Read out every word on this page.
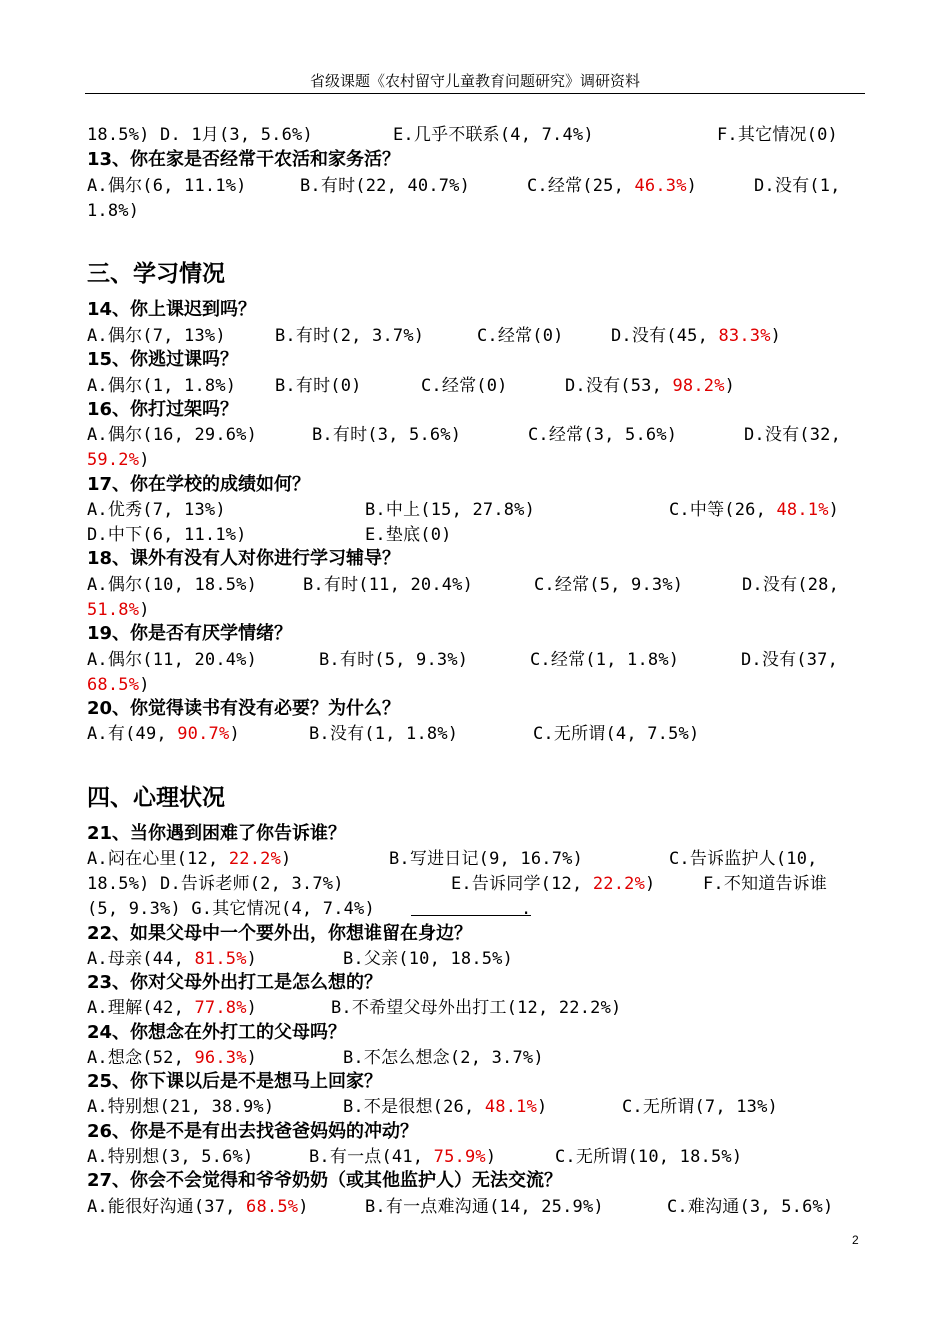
省级课题《农村留守儿童教育问题研究》调研资料
18.5%) D. 1月(3, 5.6%)	E.几乎不联系(4, 7.4%)	F.其它情况(0)
13、你在家是否经常干农活和家务活？
A.偶尔(6, 11.1%)	B.有时(22, 40.7%)	C.经常(25, 46.3%)	D.没有(1,
1.8%)
三、学习情况
14、你上课迟到吗？
A.偶尔(7, 13%)	B.有时(2, 3.7%)	C.经常(0)	D.没有(45, 83.3%)
15、你逃过课吗？
A.偶尔(1, 1.8%) B.有时(0)	C.经常(0)	D.没有(53, 98.2%)
16、你打过架吗？
A.偶尔(16, 29.6%)	B.有时(3, 5.6%)	C.经常(3, 5.6%)	D.没有(32,
59.2%)
17、你在学校的成绩如何？
A.优秀(7, 13%)	B.中上(15, 27.8%)	C.中等(26, 48.1%)
D.中下(6, 11.1%)	E.垫底(0)
18、课外有没有人对你进行学习辅导？
A.偶尔(10, 18.5%)	B.有时(11, 20.4%)	C.经常(5, 9.3%)	D.没有(28,
51.8%)
19、你是否有厌学情绪？
A.偶尔(11, 20.4%)	B.有时(5, 9.3%)	C.经常(1, 1.8%)	D.没有(37,
68.5%)
20、你觉得读书有没有必要？为什么？
A.有(49, 90.7%)	B.没有(1, 1.8%)	C.无所谓(4, 7.5%)
四、心理状况
21、当你遇到困难了你告诉谁？
A.闷在心里(12, 22.2%)	B.写进日记(9, 16.7%)	C.告诉监护人(10,
18.5%) D.告诉老师(2, 3.7%)	E.告诉同学(12, 22.2%)	F.不知道告诉谁
(5, 9.3%) G.其它情况(4, 7.4%)	.
22、如果父母中一个要外出，你想谁留在身边？
A.母亲(44, 81.5%)	B.父亲(10, 18.5%)
23、你对父母外出打工是怎么想的？
A.理解(42, 77.8%)	B.不希望父母外出打工(12, 22.2%)
24、你想念在外打工的父母吗？
A.想念(52, 96.3%)	B.不怎么想念(2, 3.7%)
25、你下课以后是不是想马上回家？
A.特别想(21, 38.9%)	B.不是很想(26, 48.1%)	C.无所谓(7, 13%)
26、你是不是有出去找爸爸妈妈的冲动？
A.特别想(3, 5.6%)	B.有一点(41, 75.9%)	C.无所谓(10, 18.5%)
27、你会不会觉得和爷爷奶奶（或其他监护人）无法交流？
A.能很好沟通(37, 68.5%)	B.有一点难沟通(14, 25.9%)	C.难沟通(3, 5.6%)
2
